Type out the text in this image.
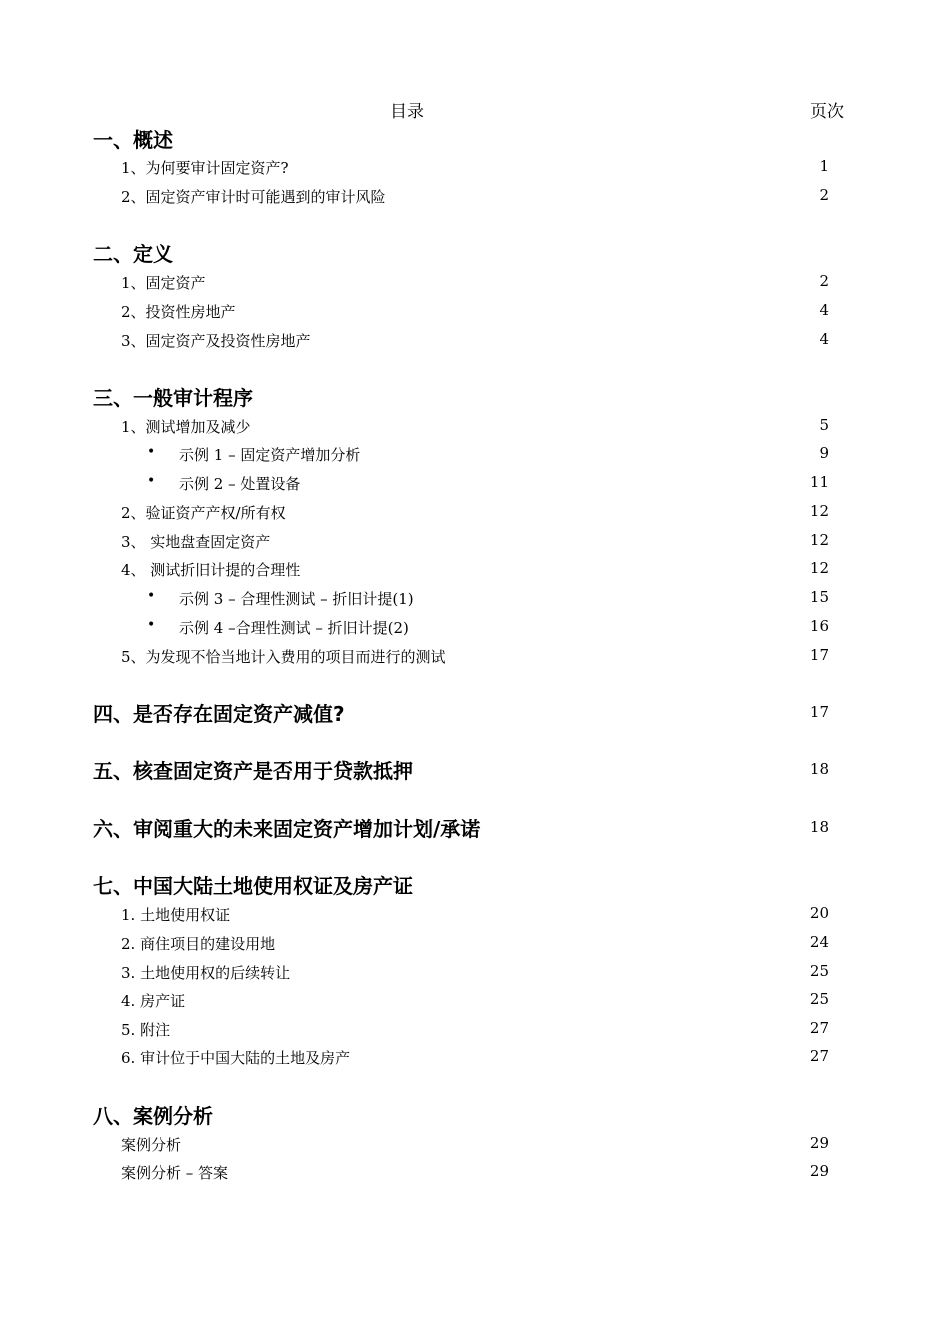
目录	页次
一、概述
1、为何要审计固定资产?	1
2、固定资产审计时可能遇到的审计风险	2
二、定义
1、固定资产	2
2、投资性房地产	4
3、固定资产及投资性房地产	4
三、一般审计程序
1、测试增加及减少	5
• 示例 1 – 固定资产增加分析	9
• 示例 2 – 处置设备	11
2、验证资产产权/所有权	12
3、 实地盘查固定资产	12
4、 测试折旧计提的合理性	12
• 示例 3 – 合理性测试 – 折旧计提(1)	15
• 示例 4 –合理性测试 – 折旧计提(2)	16
5、为发现不恰当地计入费用的项目而进行的测试	17
四、是否存在固定资产减值?	17
五、核查固定资产是否用于贷款抵押	18
六、审阅重大的未来固定资产增加计划/承诺	18
七、中国大陆土地使用权证及房产证
1. 土地使用权证	20
2. 商住项目的建设用地	24
3. 土地使用权的后续转让	25
4. 房产证	25
5. 附注	27
6. 审计位于中国大陆的土地及房产	27
八、案例分析
案例分析	29
案例分析 – 答案	29
